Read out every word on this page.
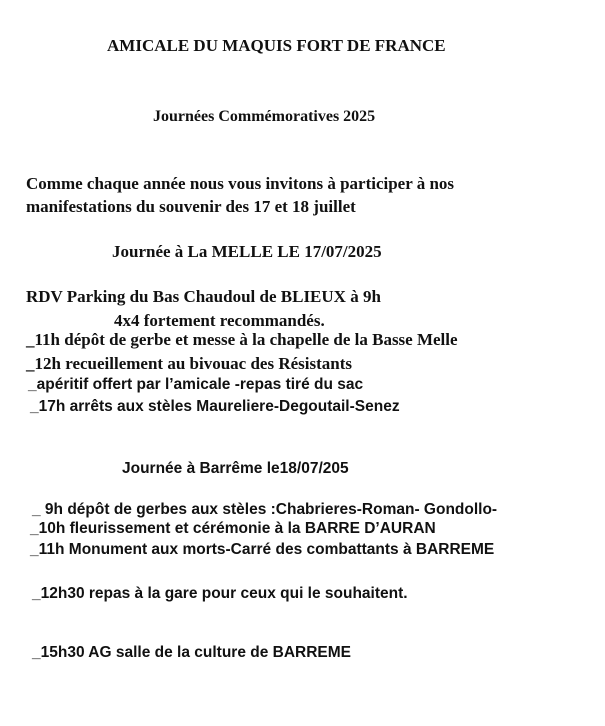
AMICALE DU MAQUIS FORT DE FRANCE
Journées Commémoratives 2025
Comme chaque année nous vous invitons à participer à nos
manifestations du souvenir des 17 et 18 juillet
Journée à La MELLE LE 17/07/2025
RDV Parking du Bas Chaudoul de BLIEUX à 9h
4x4 fortement recommandés.
_11h dépôt de gerbe et messe à la chapelle de la Basse Melle
_12h recueillement au bivouac des Résistants
_apéritif offert par l’amicale -repas tiré du sac
_17h arrêts aux stèles Maureliere-Degoutail-Senez
Journée à Barrême le18/07/205
_ 9h dépôt de gerbes aux stèles :Chabrieres-Roman- Gondollo-
_10h fleurissement et cérémonie à la BARRE D’AURAN
_11h Monument aux morts-Carré des combattants à BARREME
_12h30 repas à la gare pour ceux qui le souhaitent.
_15h30 AG salle de la culture de BARREME
